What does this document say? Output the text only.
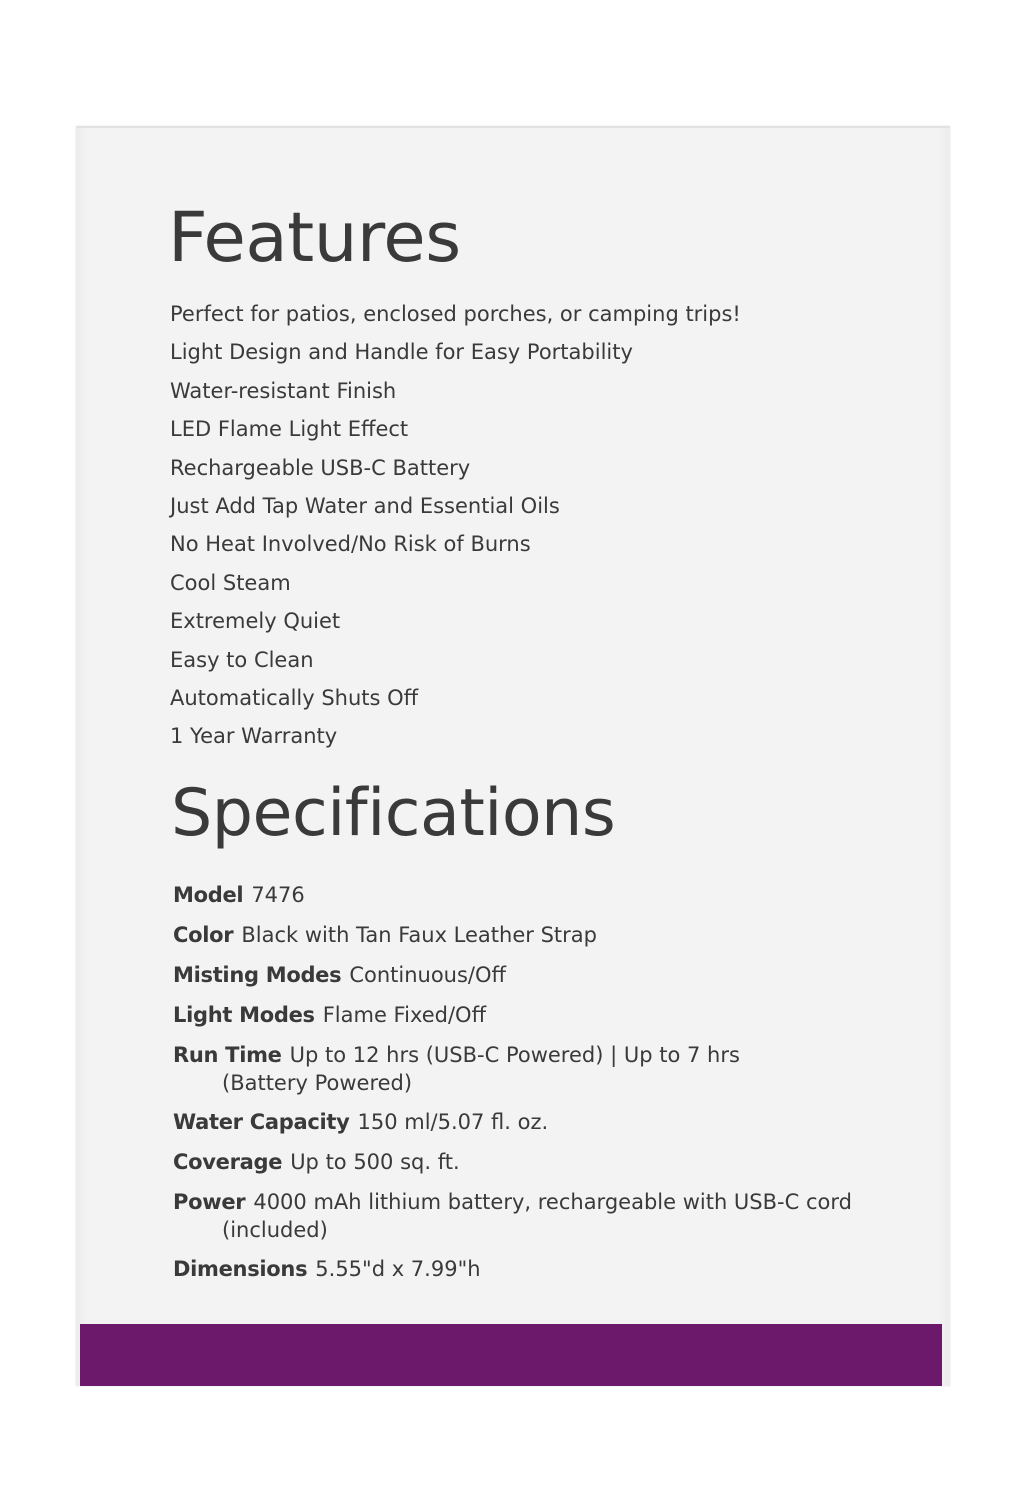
Features
Perfect for patios, enclosed porches, or camping trips!
Light Design and Handle for Easy Portability
Water-resistant Finish
LED Flame Light Effect
Rechargeable USB-C Battery
Just Add Tap Water and Essential Oils
No Heat Involved/No Risk of Burns
Cool Steam
Extremely Quiet
Easy to Clean
Automatically Shuts Off
1 Year Warranty
Specifications
Model 7476
Color Black with Tan Faux Leather Strap
Misting Modes Continuous/Off
Light Modes Flame Fixed/Off
Run Time Up to 12 hrs (USB-C Powered) | Up to 7 hrs
(Battery Powered)
Water Capacity 150 ml/5.07 fl. oz.
Coverage Up to 500 sq. ft.
Power 4000 mAh lithium battery, rechargeable with USB-C cord
(included)
Dimensions 5.55"d x 7.99"h
